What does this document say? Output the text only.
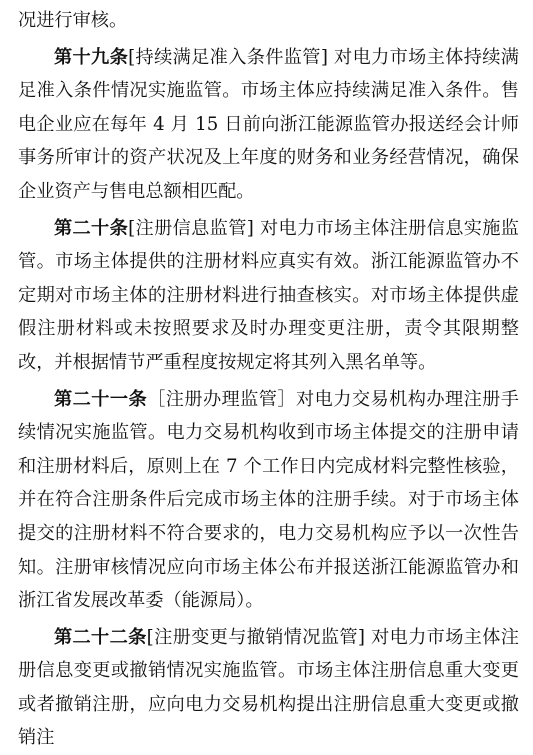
况进行审核。

第十九条[持续满足准入条件监管] 对电力市场主体持续满足准入条件情况实施监管。市场主体应持续满足准入条件。售电企业应在每年 4 月 15 日前向浙江能源监管办报送经会计师事务所审计的资产状况及上年度的财务和业务经营情况，确保企业资产与售电总额相匹配。

第二十条[注册信息监管] 对电力市场主体注册信息实施监管。市场主体提供的注册材料应真实有效。浙江能源监管办不定期对市场主体的注册材料进行抽查核实。对市场主体提供虚假注册材料或未按照要求及时办理变更注册，责令其限期整改，并根据情节严重程度按规定将其列入黑名单等。

第二十一条［注册办理监管］对电力交易机构办理注册手续情况实施监管。电力交易机构收到市场主体提交的注册申请和注册材料后，原则上在 7 个工作日内完成材料完整性核验，并在符合注册条件后完成市场主体的注册手续。对于市场主体提交的注册材料不符合要求的，电力交易机构应予以一次性告知。注册审核情况应向市场主体公布并报送浙江能源监管办和浙江省发展改革委（能源局）。

第二十二条[注册变更与撤销情况监管] 对电力市场主体注册信息变更或撤销情况实施监管。市场主体注册信息重大变更或者撤销注册，应向电力交易机构提出注册信息重大变更或撤销注
